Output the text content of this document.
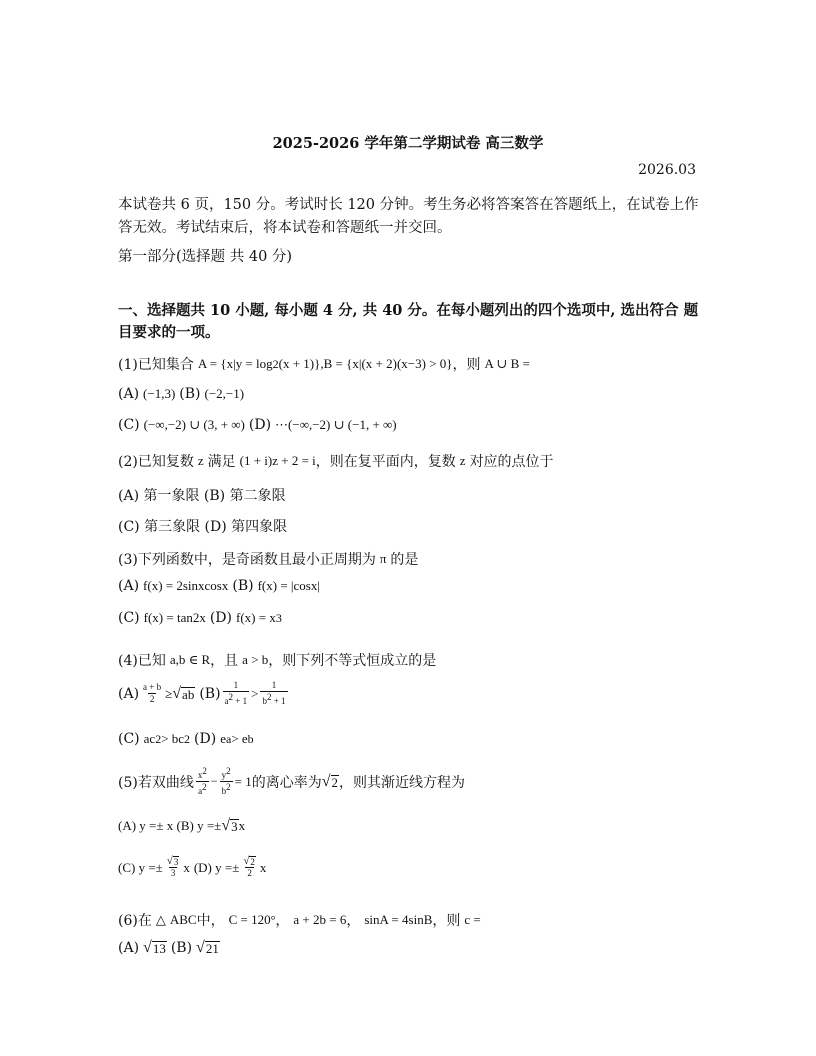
2025-2026 学年第二学期试卷 高三数学
2026.03
本试卷共 6 页，150 分。考试时长 120 分钟。考生务必将答案答在答题纸上，在试卷上作答无效。考试结束后，将本试卷和答题纸一并交回。
第一部分(选择题 共 40 分)
一、选择题共 10 小题, 每小题 4 分, 共 40 分。在每小题列出的四个选项中, 选出符合 题目要求的一项。
(1)已知集合 A = {x|y = log 2 (x + 1)},B = {x|(x + 2)(x−3) > 0} ，则 A ∪ B =
(A) (−1,3) (B) (−2,−1)
(C) (−∞,−2) ∪ (3, + ∞) (D) ⋯(−∞,−2) ∪ (−1, + ∞)
(2)已知复数 z 满足 (1 + i)z + 2 = i ，则在复平面内，复数 z 对应的点位于
(A) 第一象限 (B) 第二象限
(C) 第三象限 (D) 第四象限
(3)下列函数中，是奇函数且最小正周期为 π 的是
(A) f(x) = 2sinxcosx (B) f(x) = |cosx|
(C) f(x) = tan2x (D) f(x) = x 3
(4)已知 a,b ∈ R ，且 a > b ，则下列不等式恒成立的是
$(A) \frac{a + b}{2}$ ≥ √ ab $(B) \frac{1}{a^2 + 1} > \frac{1}{b^2 + 1}$
(C) ac 2 > bc 2 (D) e a > e b
(5)若双曲线 $\frac{x^2}{a^2} - \frac{y^2}{b^2} = 1$ 的离心率为 √ 2 ，则其渐近线方程为
(A) y =± x (B) y =± √ 3 x
(C) $y =\pm \frac{√ 3}{3}$ x (D) $y =\pm \frac{√ 2}{2}$ x
(6)在 △ ABC 中， C = 120 ° ， a + 2b = 6 ， sinA = 4sinB ，则 c =
(A) √ 13 (B) √ 21
